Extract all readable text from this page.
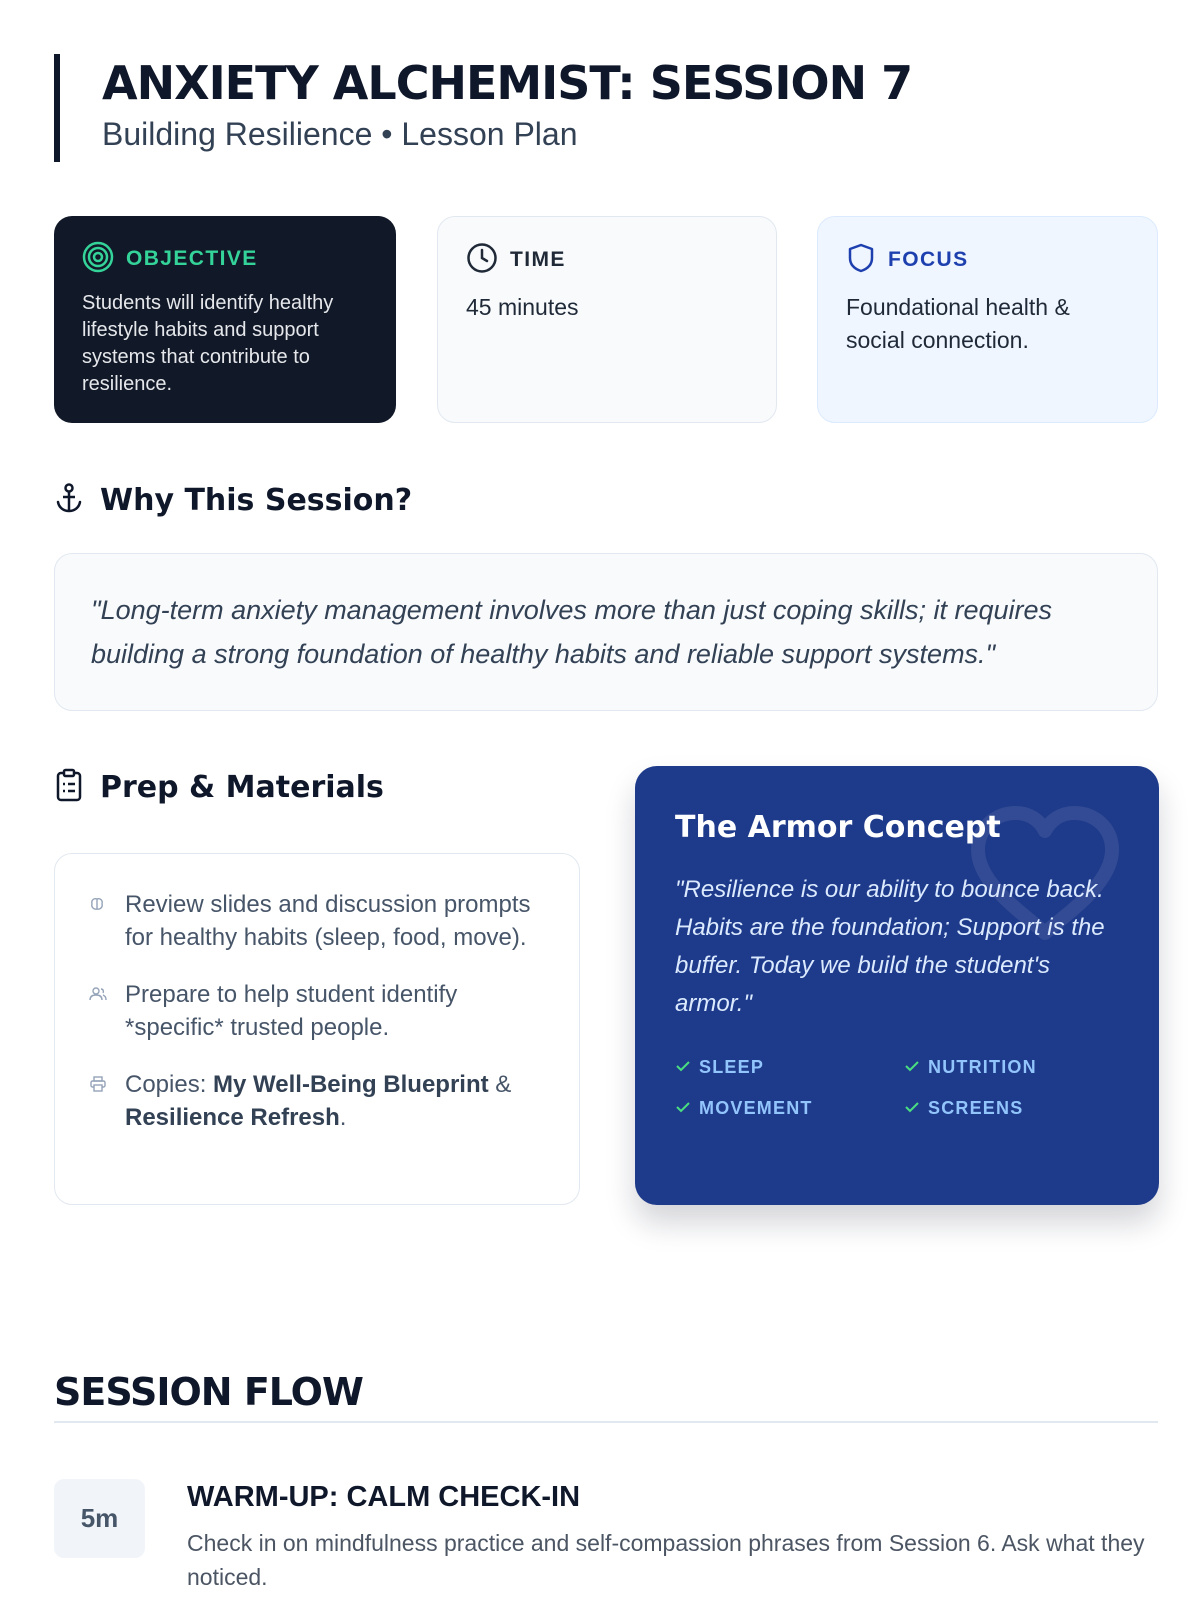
ANXIETY ALCHEMIST: SESSION 7
Building Resilience • Lesson Plan
OBJECTIVE
Students will identify healthy lifestyle habits and support systems that contribute to resilience.
TIME
45 minutes
FOCUS
Foundational health & social connection.
Why This Session?
"Long-term anxiety management involves more than just coping skills; it requires building a strong foundation of healthy habits and reliable support systems."
Prep & Materials
Review slides and discussion prompts for healthy habits (sleep, food, move).
Prepare to help student identify *specific* trusted people.
Copies: My Well-Being Blueprint & Resilience Refresh.
The Armor Concept
"Resilience is our ability to bounce back. Habits are the foundation; Support is the buffer. Today we build the student's armor."
SLEEP	NUTRITION
MOVEMENT	SCREENS
SESSION FLOW
5m
WARM-UP: CALM CHECK-IN
Check in on mindfulness practice and self-compassion phrases from Session 6. Ask what they noticed.
